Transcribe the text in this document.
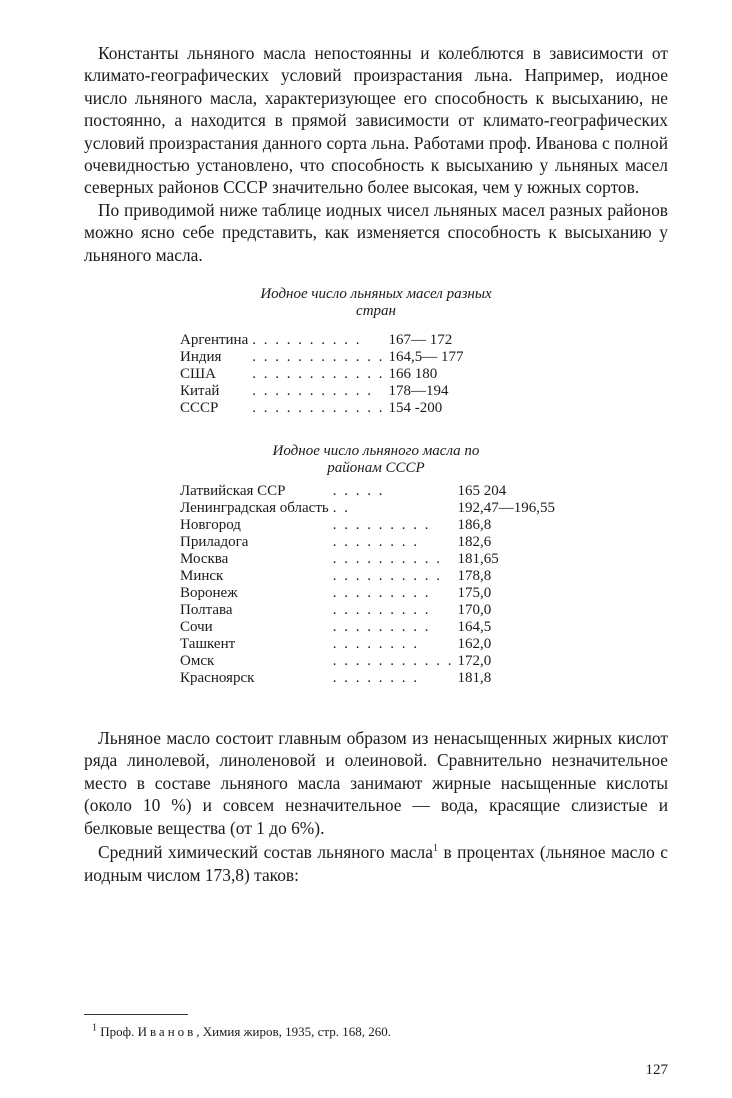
Константы льняного масла непостоянны и колеблются в зависимости от климато-географических условий произрастания льна. Например, иодное число льняного масла, характеризующее его способность к высыханию, не постоянно, а находится в прямой зависимости от климато-географических условий произрастания данного сорта льна. Работами проф. Иванова с полной очевидностью установлено, что способность к высыханию у льняных масел северных районов СССР значительно более высокая, чем у южных сортов.

По приводимой ниже таблице иодных чисел льняных масел разных районов можно ясно себе представить, как изменяется способность к высыханию у льняного масла.

Иодное число льняных масел разных

стран

Аргентина	. . . . . . . . . .	167— 172
Индия	. . . . . . . . . . . .	164,5— 177
США	. . . . . . . . . . . .	166 180
Китай	. . . . . . . . . . .	178—194
СССР	. . . . . . . . . . . .	154 -200

Иодное число льняного масла по

районам СССР

Латвийская ССР	. . . . .	165 204
Ленинградская область	. .	192,47—196,55
Новгород	. . . . . . . . .	186,8
Приладога	. . . . . . . .	182,6
Москва	. . . . . . . . . .	181,65
Минск	. . . . . . . . . .	178,8
Воронеж	. . . . . . . . .	175,0
Полтава	. . . . . . . . .	170,0
Сочи	. . . . . . . . .	164,5
Ташкент	. . . . . . . .	162,0
Омск	. . . . . . . . . . .	172,0
Красноярск	. . . . . . . .	181,8

Льняное масло состоит главным образом из ненасыщенных жирных кислот ряда линолевой, линоленовой и олеиновой. Сравнительно незначительное место в составе льняного масла занимают жирные насыщенные кислоты (около 10 %) и совсем незначительное — вода, красящие слизистые и белковые вещества (от 1 до 6%).

Средний химический состав льняного масла$^1$ в процентах (льняное масло с иодным числом 173,8) таков:

$^1$ Проф. Иванов, Химия жиров, 1935, стр. 168, 260.
127
